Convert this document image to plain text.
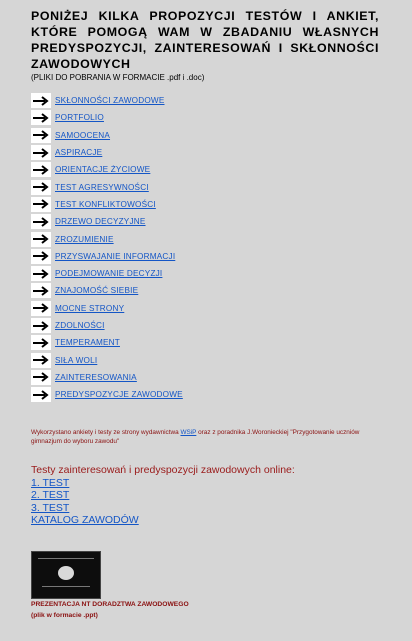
PONIŻEJ KILKA PROPOZYCJI TESTÓW I ANKIET, KTÓRE POMOGĄ WAM W ZBADANIU WŁASNYCH PREDYSPOZYCJI, ZAINTERESOWAŃ I SKŁONNOŚCI ZAWODOWYCH
(PLIKI DO POBRANIA W FORMACIE .pdf i .doc)
SKŁONNOŚCI ZAWODOWE
PORTFOLIO
SAMOOCENA
ASPIRACJE
ORIENTACJE ŻYCIOWE
TEST AGRESYWNOŚCI
TEST KONFLIKTOWOŚCI
DRZEWO DECYZYJNE
ZROZUMIENIE
PRZYSWAJANIE INFORMACJI
PODEJMOWANIE DECYZJI
ZNAJOMOŚĆ SIEBIE
MOCNE STRONY
ZDOLNOŚCI
TEMPERAMENT
SIŁA WOLI
ZAINTERESOWANIA
PREDYSPOZYCJE ZAWODOWE
Wykorzystano ankiety i testy ze strony wydawnictwa WSiP oraz z poradnika J.Woronieckiej "Przygotowanie uczniów gimnazjum do wyboru zawodu"
Testy zainteresowań i predyspozycji zawodowych online:
1. TEST
2. TEST
3. TEST
KATALOG ZAWODÓW
PREZENTACJA NT DORADZTWA ZAWODOWEGO
(plik w formacie .ppt)
